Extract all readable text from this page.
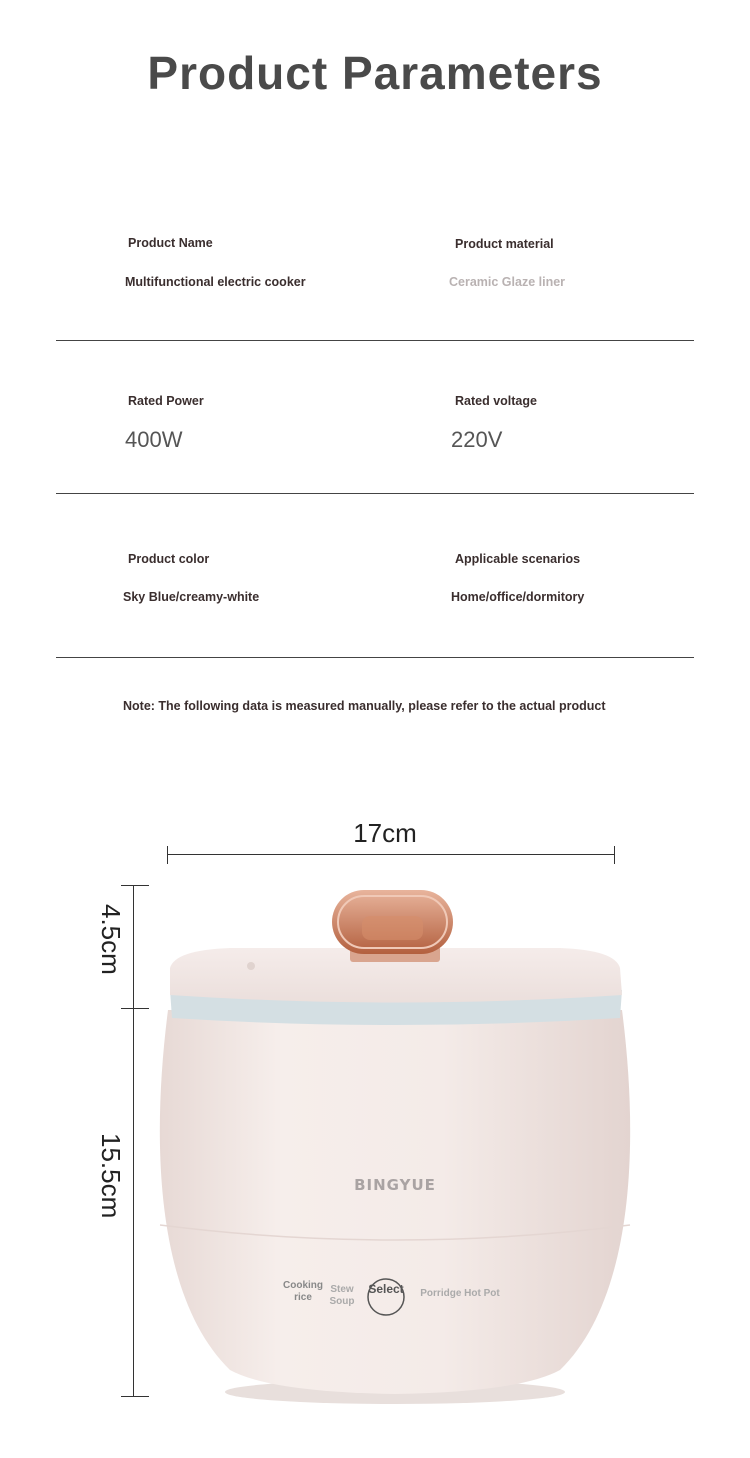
Product Parameters
Product Name
Multifunctional electric cooker
Product material
Ceramic Glaze liner
Rated Power
400W
Rated voltage
220V
Product color
Sky Blue/creamy-white
Applicable scenarios
Home/office/dormitory
Note: The following data is measured manually, please refer to the actual product
17cm
4.5cm
15.5cm	BINGYUE
Cooking rice
Stew Soup
Select	Porridge Hot Pot
